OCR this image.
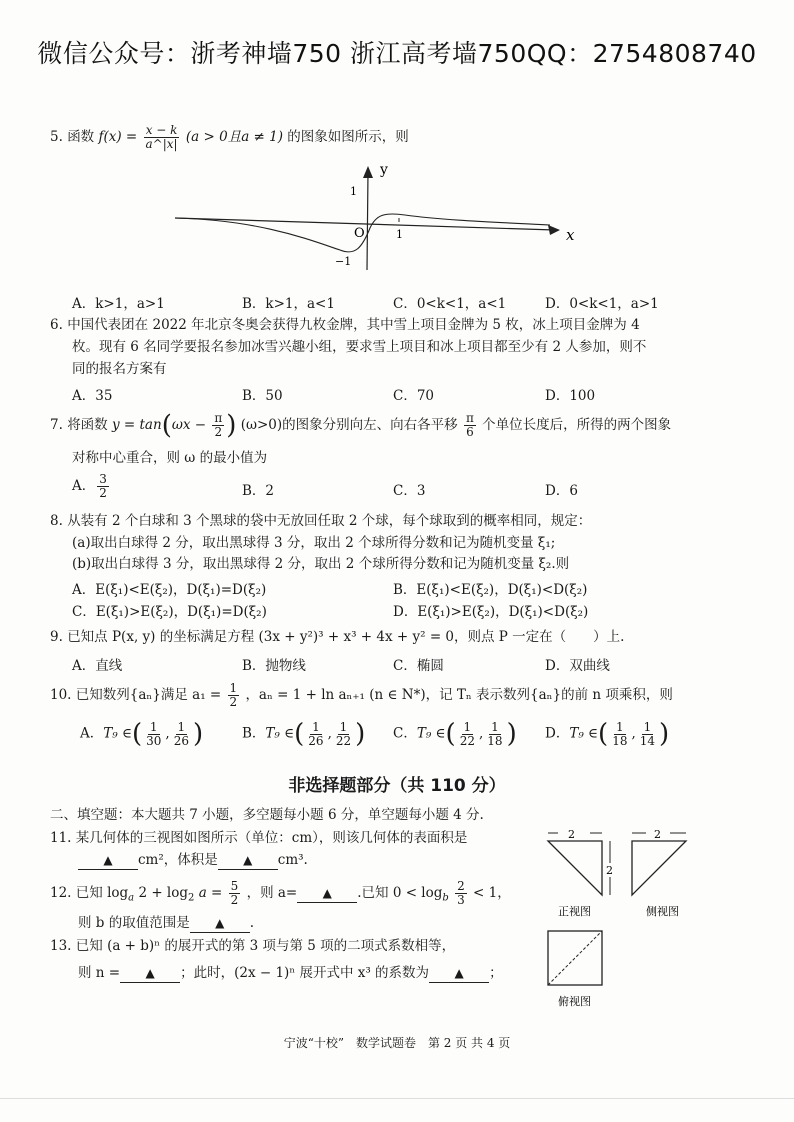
微信公众号：浙考神墙750 浙江高考墙750QQ：2754808740
5. 函数 $f(x) = \frac{x - k}{a\^{}|x|} (a > 0$且a ≠ 1) 的图象如图所示，则
y
x
O	1
1
−1
A．k>1，a>1	B．k>1，a<1	C．0<k<1，a<1	D．0<k<1，a>1
6. 中国代表团在 2022 年北京冬奥会获得九枚金牌，其中雪上项目金牌为 5 枚，冰上项目金牌为 4
枚。现有 6 名同学要报名参加冰雪兴趣小组，要求雪上项目和冰上项目都至少有 2 人参加，则不
同的报名方案有
A．35	B．50	C．70	D．100
7. 将函数 $y = \tan(\omega x - \frac{\pi}{2}$ ) (ω>0)的图象分别向左、向右各平移 $\frac{\pi}{6}$ 个单位长度后，所得的两个图象
对称中心重合，则 ω 的最小值为
A． $\frac{3}{2}$	B．2	C．3	D．6
8. 从装有 2 个白球和 3 个黑球的袋中无放回任取 2 个球，每个球取到的概率相同，规定：
(a)取出白球得 2 分，取出黑球得 3 分，取出 2 个球所得分数和记为随机变量 ξ₁;
(b)取出白球得 3 分，取出黑球得 2 分，取出 2 个球所得分数和记为随机变量 ξ₂.则
A．E(ξ₁)<E(ξ₂)，D(ξ₁)=D(ξ₂)	B．E(ξ₁)<E(ξ₂)，D(ξ₁)<D(ξ₂)
C．E(ξ₁)>E(ξ₂)，D(ξ₁)=D(ξ₂)	D．E(ξ₁)>E(ξ₂)，D(ξ₁)<D(ξ₂)
9. 已知点 P(x, y) 的坐标满足方程 (3x + y²)³ + x³ + 4x + y² = 0，则点 P 一定在（　　）上.
A．直线	B．抛物线	C．椭圆	D．双曲线
10. 已知数列{aₙ}满足 $a_1 = \frac{1}{2}$ ，aₙ = 1 + ln aₙ₊₁ (n ∈ N*)，记 Tₙ 表示数列{aₙ}的前 n 项乘积，则
A．T₉ ∈( $\frac{1}{30}$ , $\frac{1}{26}$ )	B．T₉ ∈( $\frac{1}{26}$ , $\frac{1}{22}$ ) C．T₉ ∈( $\frac{1}{22}$ , $\frac{1}{18}$ ) D．T₉ ∈( $\frac{1}{18}$ , $\frac{1}{14}$ )
非选择题部分（共 110 分）
二、填空题：本大题共 7 小题，多空题每小题 6 分，单空题每小题 4 分.
11. 某几何体的三视图如图所示（单位：cm），则该几何体的表面积是
▲ cm²，体积是 ▲ cm³.
12. 已知 $\log_a 2 + \log_2 a = \frac{5}{2}$ ，则 a= ▲ .已知 $0 < \log_b \frac{2}{3} < 1$，
则 b 的取值范围是 ▲ .
13. 已知 (a + b)ⁿ 的展开式的第 3 项与第 5 项的二项式系数相等，
则 n = ▲ ；此时，(2x − 1)ⁿ 展开式中 x³ 的系数为 ▲ ；
2
2
正视图
2
侧视图
俯视图
宁波“十校”　数学试题卷　第 2 页 共 4 页
